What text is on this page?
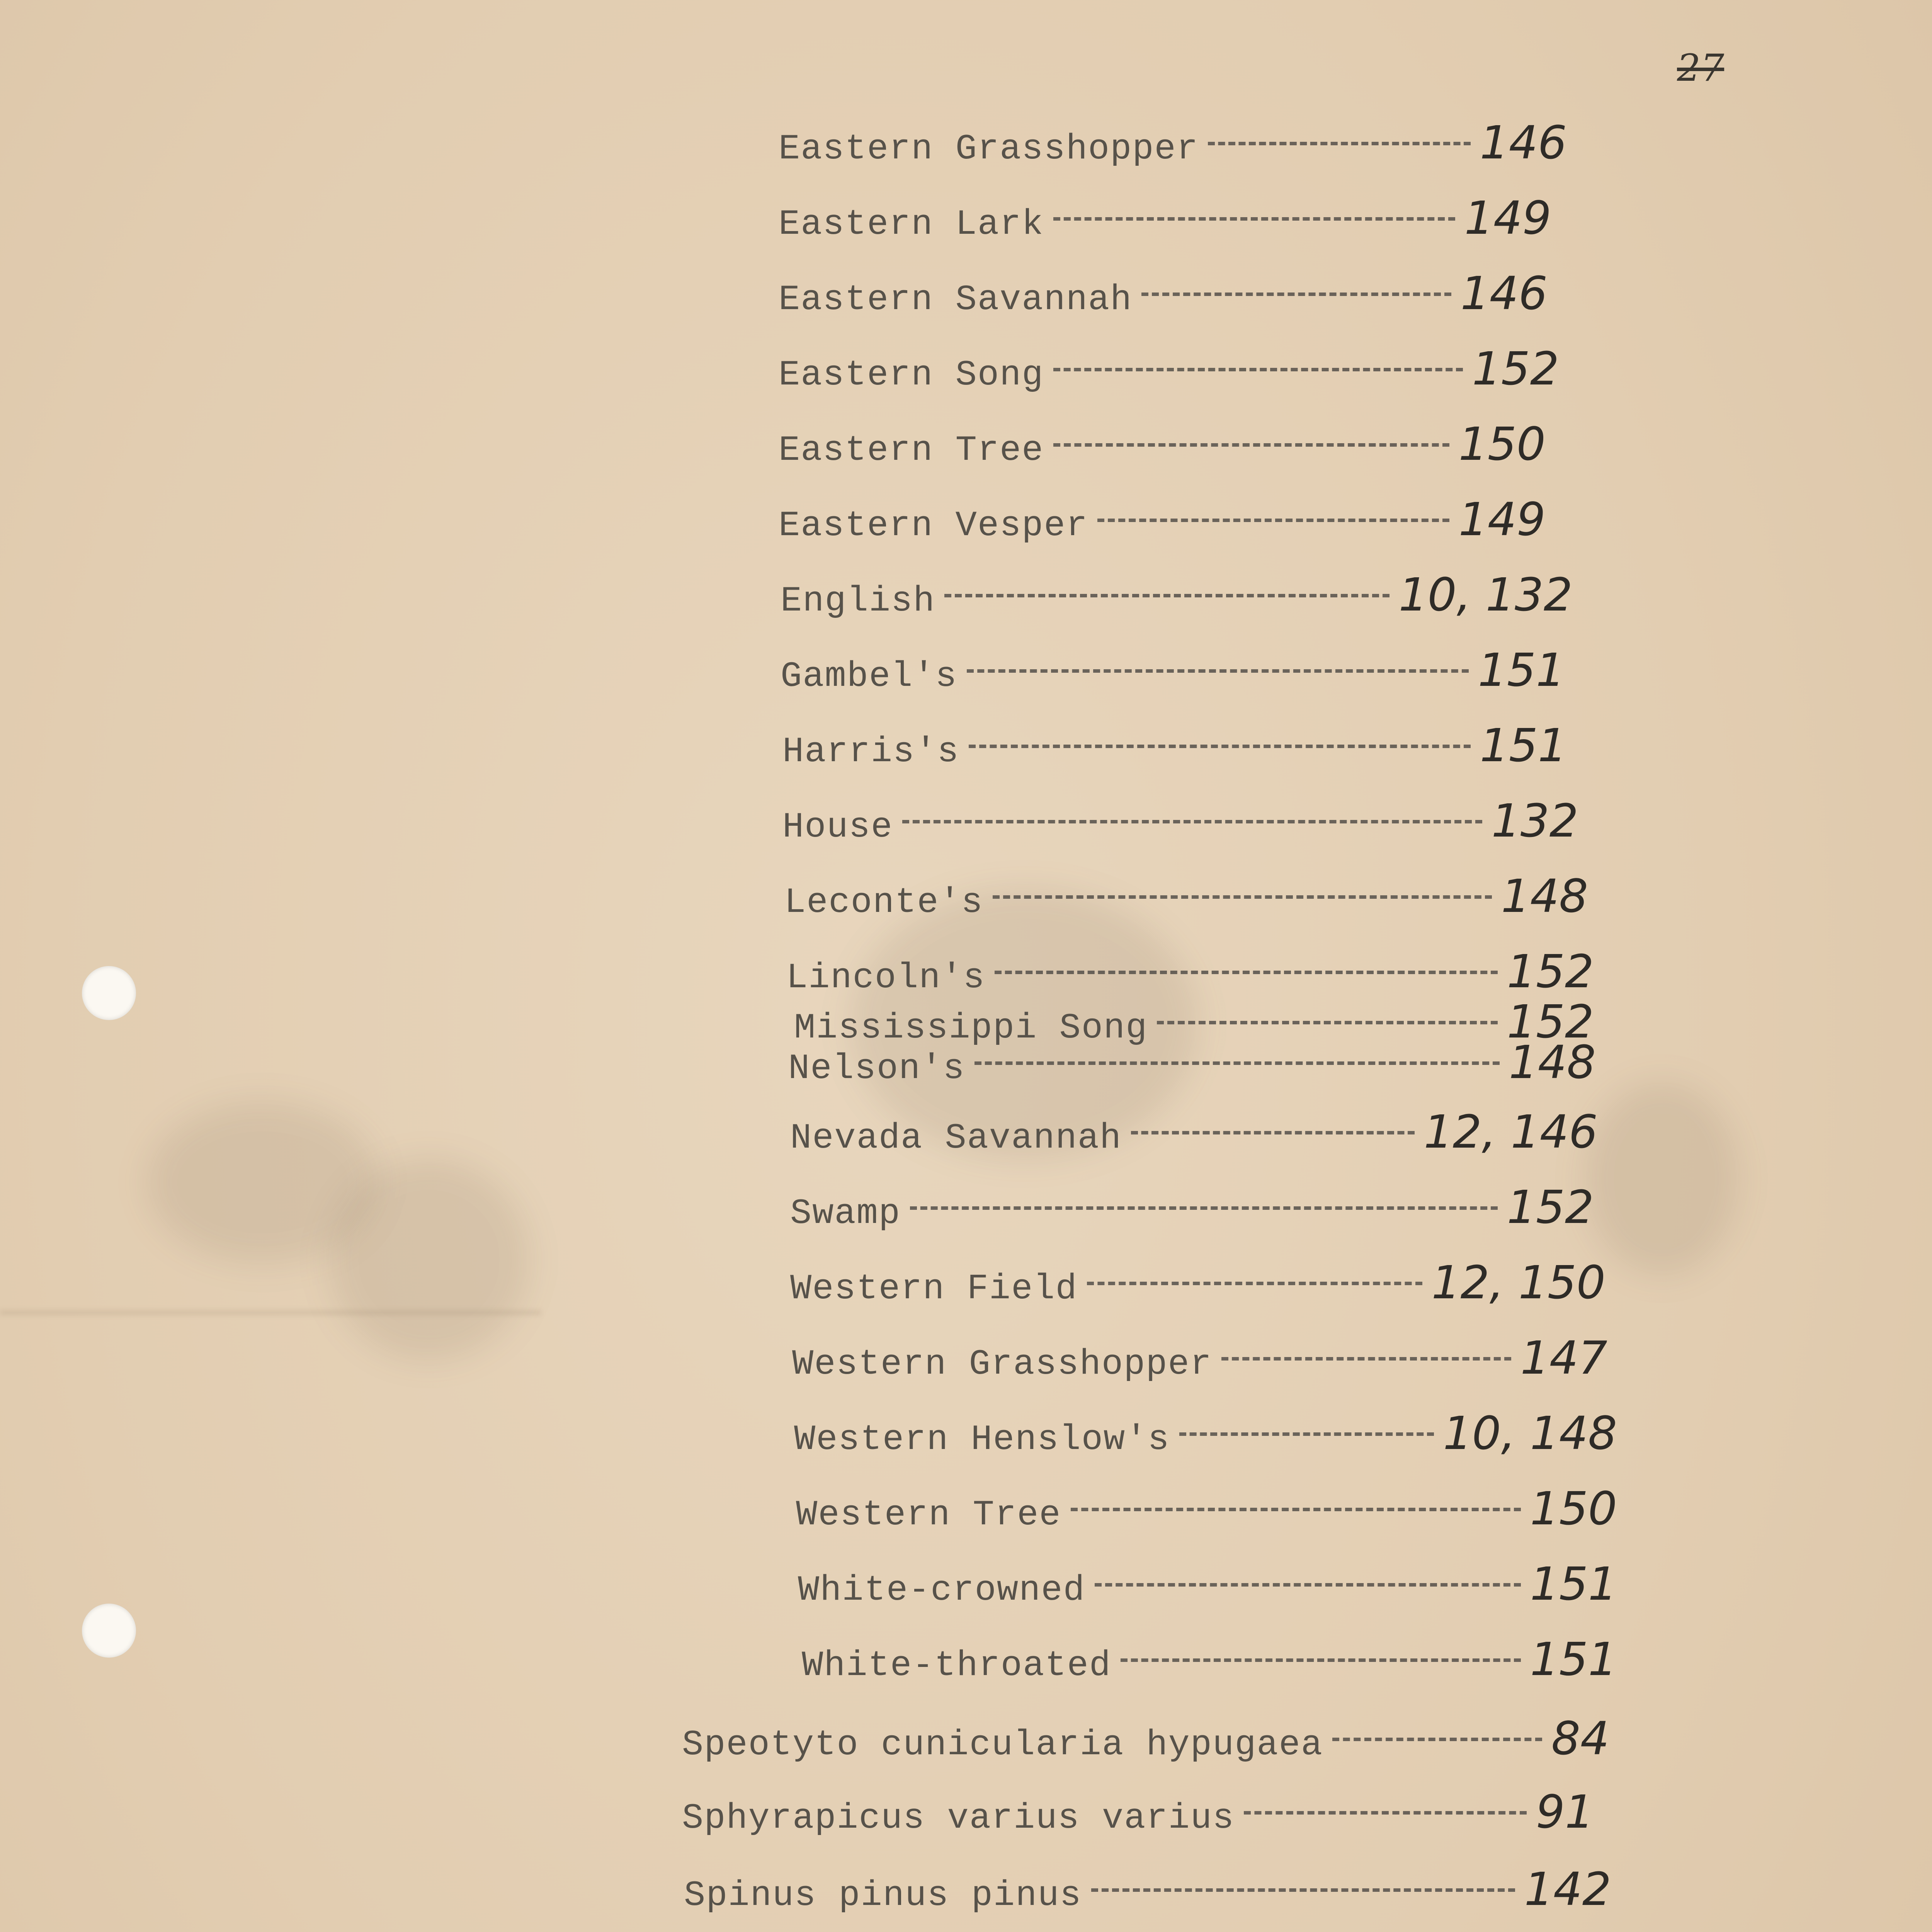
27
Eastern Grasshopper	146
Eastern Lark	149
Eastern Savannah	146
Eastern Song	152
Eastern Tree	150
Eastern Vesper	149
English	10, 132
Gambel's	151
Harris's	151
House	132
Leconte's	148
Lincoln's	152
Mississippi Song	152
Nelson's	148
Nevada Savannah	12, 146
Swamp	152
Western Field	12, 150
Western Grasshopper	147
Western Henslow's	10, 148
Western Tree	150
White-crowned	151
White-throated	151
Speotyto cunicularia hypugaea	84
Sphyrapicus varius varius	91
Spinus pinus pinus	142
